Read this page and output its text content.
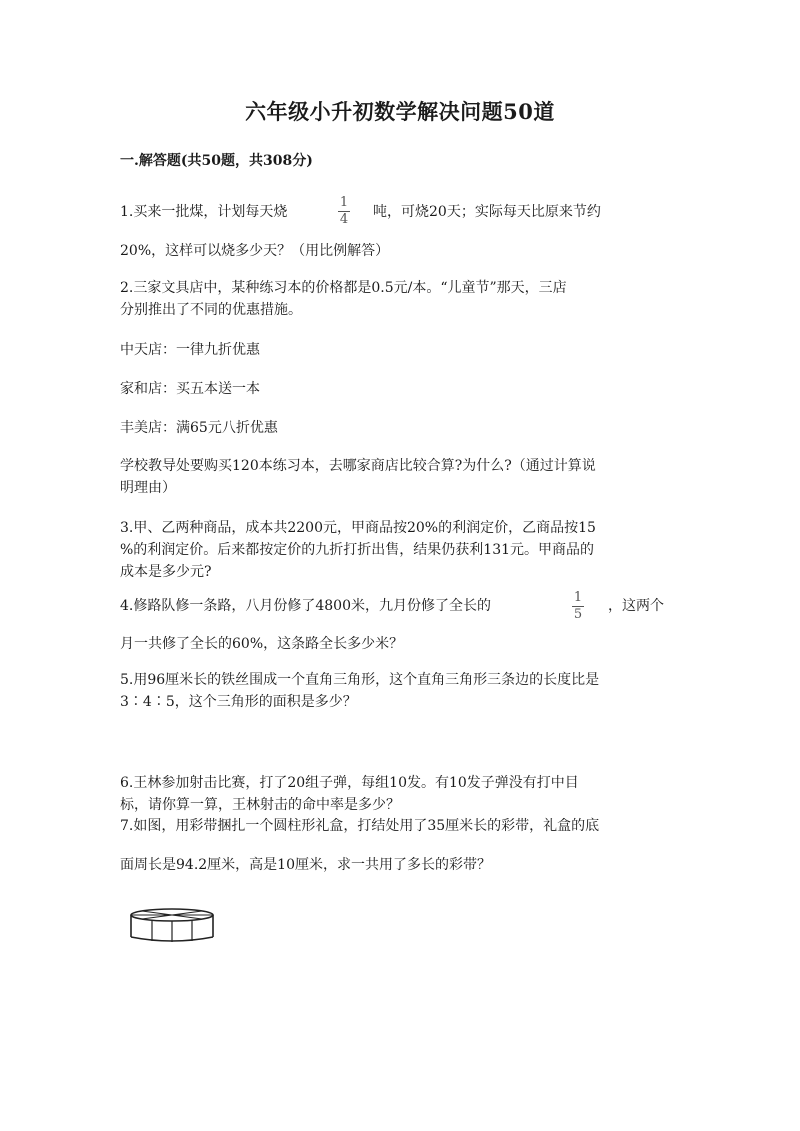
六年级小升初数学解决问题50道
一.解答题(共50题，共308分)
1.买来一批煤，计划每天烧
1
4 吨，可烧20天；实际每天比原来节约
20%，这样可以烧多少天？（用比例解答）
2.三家文具店中，某种练习本的价格都是0.5元/本。“儿童节”那天，三店
分别推出了不同的优惠措施。
中天店：一律九折优惠
家和店：买五本送一本
丰美店：满65元八折优惠
学校教导处要购买120本练习本，去哪家商店比较合算?为什么?（通过计算说
明理由）
3.甲、乙两种商品，成本共2200元，甲商品按20%的利润定价，乙商品按15
%的利润定价。后来都按定价的九折打折出售，结果仍获利131元。甲商品的
成本是多少元?
4.修路队修一条路，八月份修了4800米，九月份修了全长的
1
5
，这两个
月一共修了全长的60%，这条路全长多少米？
5.用96厘米长的铁丝围成一个直角三角形，这个直角三角形三条边的长度比是
3∶4∶5，这个三角形的面积是多少？
6.王林参加射击比赛，打了20组子弹，每组10发。有10发子弹没有打中目
标，请你算一算，王林射击的命中率是多少？
7.如图，用彩带捆扎一个圆柱形礼盒，打结处用了35厘米长的彩带，礼盒的底
面周长是94.2厘米，高是10厘米，求一共用了多长的彩带？
